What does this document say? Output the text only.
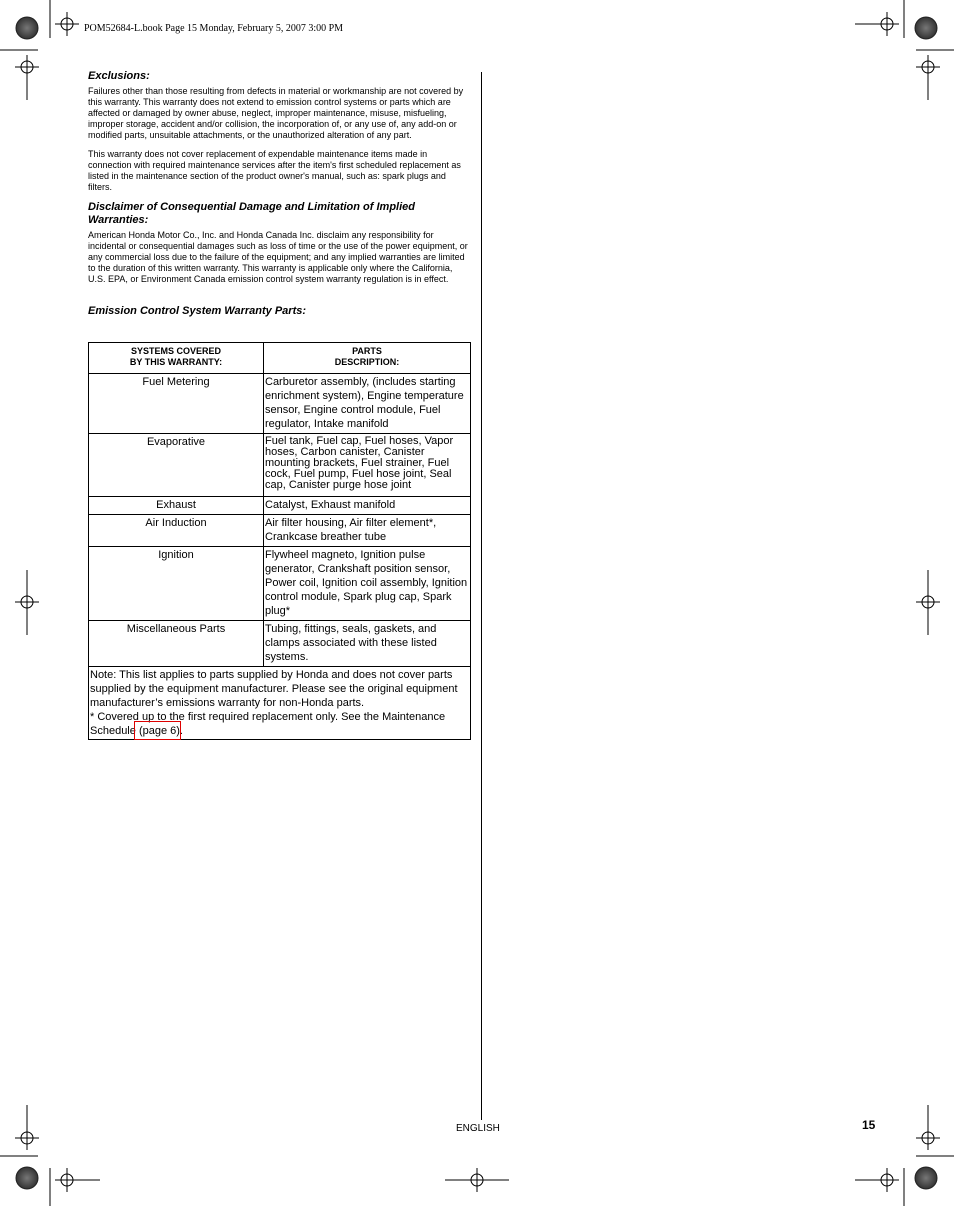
POM52684-L.book Page 15 Monday, February 5, 2007 3:00 PM

Exclusions:

Failures other than those resulting from defects in material or workmanship are not covered by this warranty. This warranty does not extend to emission control systems or parts which are affected or damaged by owner abuse, neglect, improper maintenance, misuse, misfueling, improper storage, accident and/or collision, the incorporation of, or any use of, any add-on or modified parts, unsuitable attachments, or the unauthorized alteration of any part.

This warranty does not cover replacement of expendable maintenance items made in connection with required maintenance services after the item's first scheduled replacement as listed in the maintenance section of the product owner's manual, such as: spark plugs and filters.

Disclaimer of Consequential Damage and Limitation of Implied Warranties:

American Honda Motor Co., Inc. and Honda Canada Inc. disclaim any responsibility for incidental or consequential damages such as loss of time or the use of the power equipment, or any commercial loss due to the failure of the equipment; and any implied warranties are limited to the duration of this written warranty. This warranty is applicable only where the California, U.S. EPA, or Environment Canada emission control system warranty regulation is in effect.

Emission Control System Warranty Parts:

SYSTEMS COVERED
BY THIS WARRANTY:	PARTS
DESCRIPTION:
Fuel Metering	Carburetor assembly, (includes starting enrichment system), Engine temperature sensor, Engine control module, Fuel regulator, Intake manifold
Evaporative	Fuel tank, Fuel cap, Fuel hoses, Vapor hoses, Carbon canister, Canister mounting brackets, Fuel strainer, Fuel cock, Fuel pump, Fuel hose joint, Seal cap, Canister purge hose joint
Exhaust	Catalyst, Exhaust manifold
Air Induction	Air filter housing, Air filter element*, Crankcase breather tube
Ignition	Flywheel magneto, Ignition pulse generator, Crankshaft position sensor, Power coil, Ignition coil assembly, Ignition control module, Spark plug cap, Spark plug*
Miscellaneous Parts	Tubing, fittings, seals, gaskets, and clamps associated with these listed systems.
Note: This list applies to parts supplied by Honda and does not cover parts supplied by the equipment manufacturer. Please see the original equipment manufacturer’s emissions warranty for non-Honda parts.
* Covered up to the first required replacement only. See the Maintenance Schedule (page 6).	
ENGLISH	15
